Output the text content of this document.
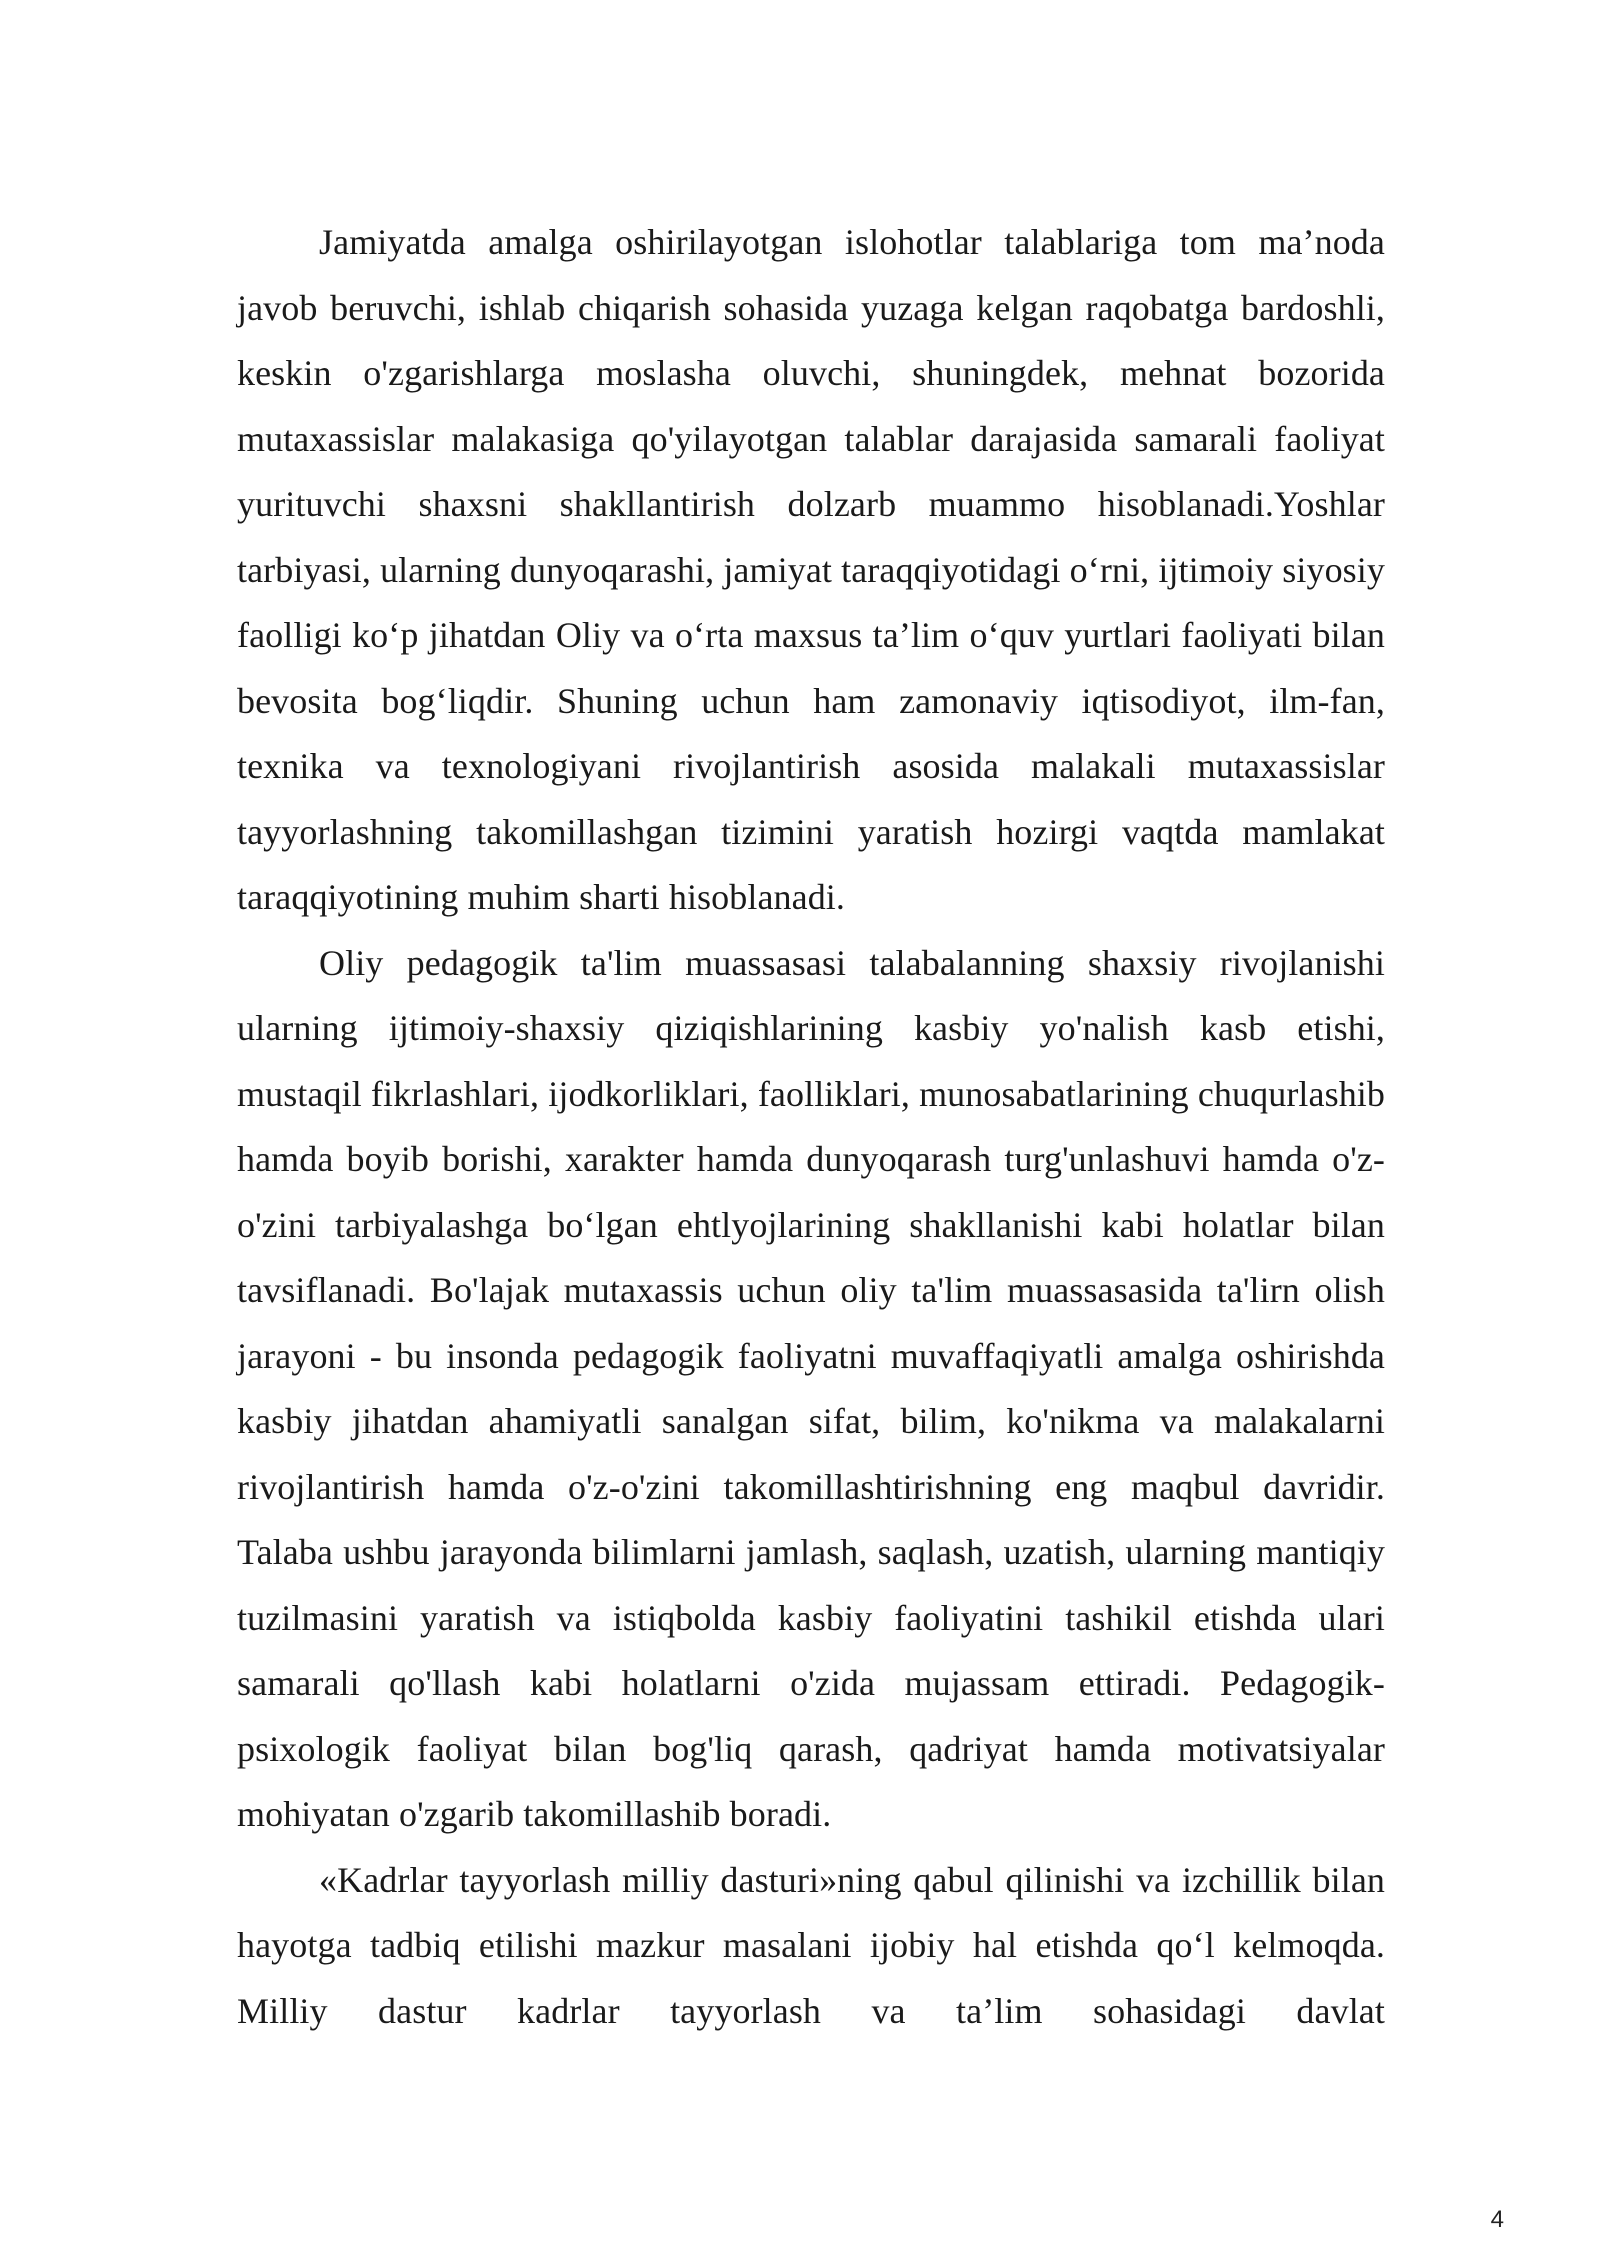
Jamiyatda amalga oshirilayotgan islohotlar talablariga tom ma’noda javob beruvchi, ishlab chiqarish sohasida yuzaga kelgan raqobatga bardoshli, keskin o'zgarishlarga moslasha oluvchi, shuningdek, mehnat bozorida mutaxassislar malakasiga qo'yilayotgan talablar darajasida samarali faoliyat yurituvchi shaxsni shakllantirish dolzarb muammo hisoblanadi.Yoshlar tarbiyasi, ularning dunyoqarashi, jamiyat taraqqiyotidagi o‘rni, ijtimoiy siyosiy faolligi ko‘p jihatdan Oliy va o‘rta maxsus ta’lim o‘quv yurtlari faoliyati bilan bevosita bog‘liqdir. Shuning uchun ham zamonaviy iqtisodiyot, ilm-fan, texnika va texnologiyani rivojlantirish asosida malakali mutaxassislar tayyorlashning takomillashgan tizimini yaratish hozirgi vaqtda mamlakat taraqqiyotining muhim sharti hisoblanadi.

Oliy pedagogik ta'lim muassasasi talabalanning shaxsiy rivojlanishi ularning ijtimoiy-shaxsiy qiziqishlarining kasbiy yo'nalish kasb etishi, mustaqil fikrlashlari, ijodkorliklari, faolliklari, munosabatlarining chuqurlashib hamda boyib borishi, xarakter hamda dunyoqarash turg'unlashuvi hamda o'z-o'zini tarbiyalashga bo‘lgan ehtlyojlarining shakllanishi kabi holatlar bilan tavsiflanadi. Bo'lajak mutaxassis uchun oliy ta'lim muassasasida ta'lirn olish jarayoni - bu insonda pedagogik faoliyatni muvaffaqiyatli amalga oshirishda kasbiy jihatdan ahamiyatli sanalgan sifat, bilim, ko'nikma va malakalarni rivojlantirish hamda o'z-o'zini takomillashtirishning eng maqbul davridir. Talaba ushbu jarayonda bilimlarni jamlash, saqlash, uzatish, ularning mantiqiy tuzilmasini yaratish va istiqbolda kasbiy faoliyatini tashikil etishda ulari samarali qo'llash kabi holatlarni o'zida mujassam ettiradi. Pedagogik-psixologik faoliyat bilan bog'liq qarash, qadriyat hamda motivatsiyalar mohiyatan o'zgarib takomillashib boradi.

«Kadrlar tayyorlash milliy dasturi»ning qabul qilinishi va izchillik bilan hayotga tadbiq etilishi mazkur masalani ijobiy hal etishda qo‘l kelmoqda. Milliy dastur kadrlar tayyorlash va ta’lim sohasidagi davlat

4
